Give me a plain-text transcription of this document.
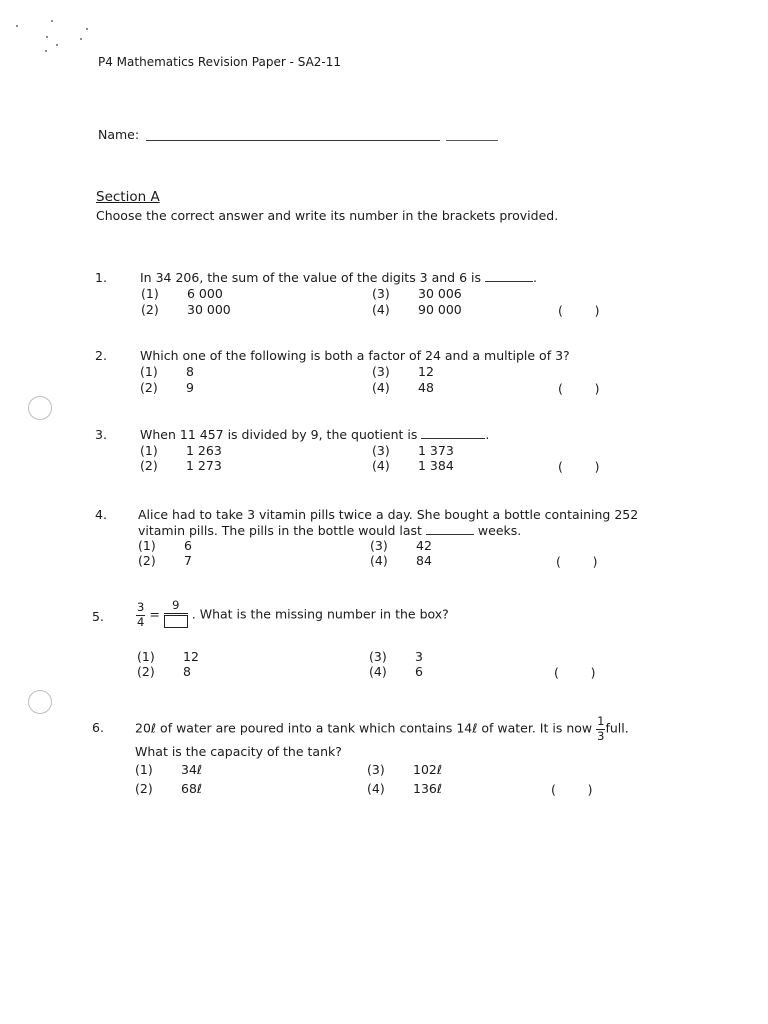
P4 Mathematics Revision Paper - SA2-11
Name:
Section A
Choose the correct answer and write its number in the brackets provided.
1.	In 34 206, the sum of the value of the digits 3 and 6 is	.
(1) 6 000
(2) 30 000
(3) 30 006
(4) 90 000	(        )
2.	Which one of the following is both a factor of 24 and a multiple of 3?
(1) 8
(2) 9
(3) 12
(4) 48	(        )
3.	When 11 457 is divided by 9, the quotient is	.
(1) 1 263
(2) 1 273
(3) 1 373
(4) 1 384	(        )
4. Alice had to take 3 vitamin pills twice a day. She bought a bottle containing 252
vitamin pills. The pills in the bottle would last	weeks.
(1) 6
(2) 7
(3) 42
(4) 84	(        )
5.	$\frac{3}{4}$ =
9
. What is the missing number in the box?
(1) 12
(2) 8
(3) 3
(4) 6	(        )
6. 20ℓ of water are poured into a tank which contains 14ℓ of water. It is now $\frac{1}{3}$ full.
What is the capacity of the tank?
(1) 34ℓ
(2) 68ℓ
(3) 102ℓ
(4) 136ℓ	(        )
